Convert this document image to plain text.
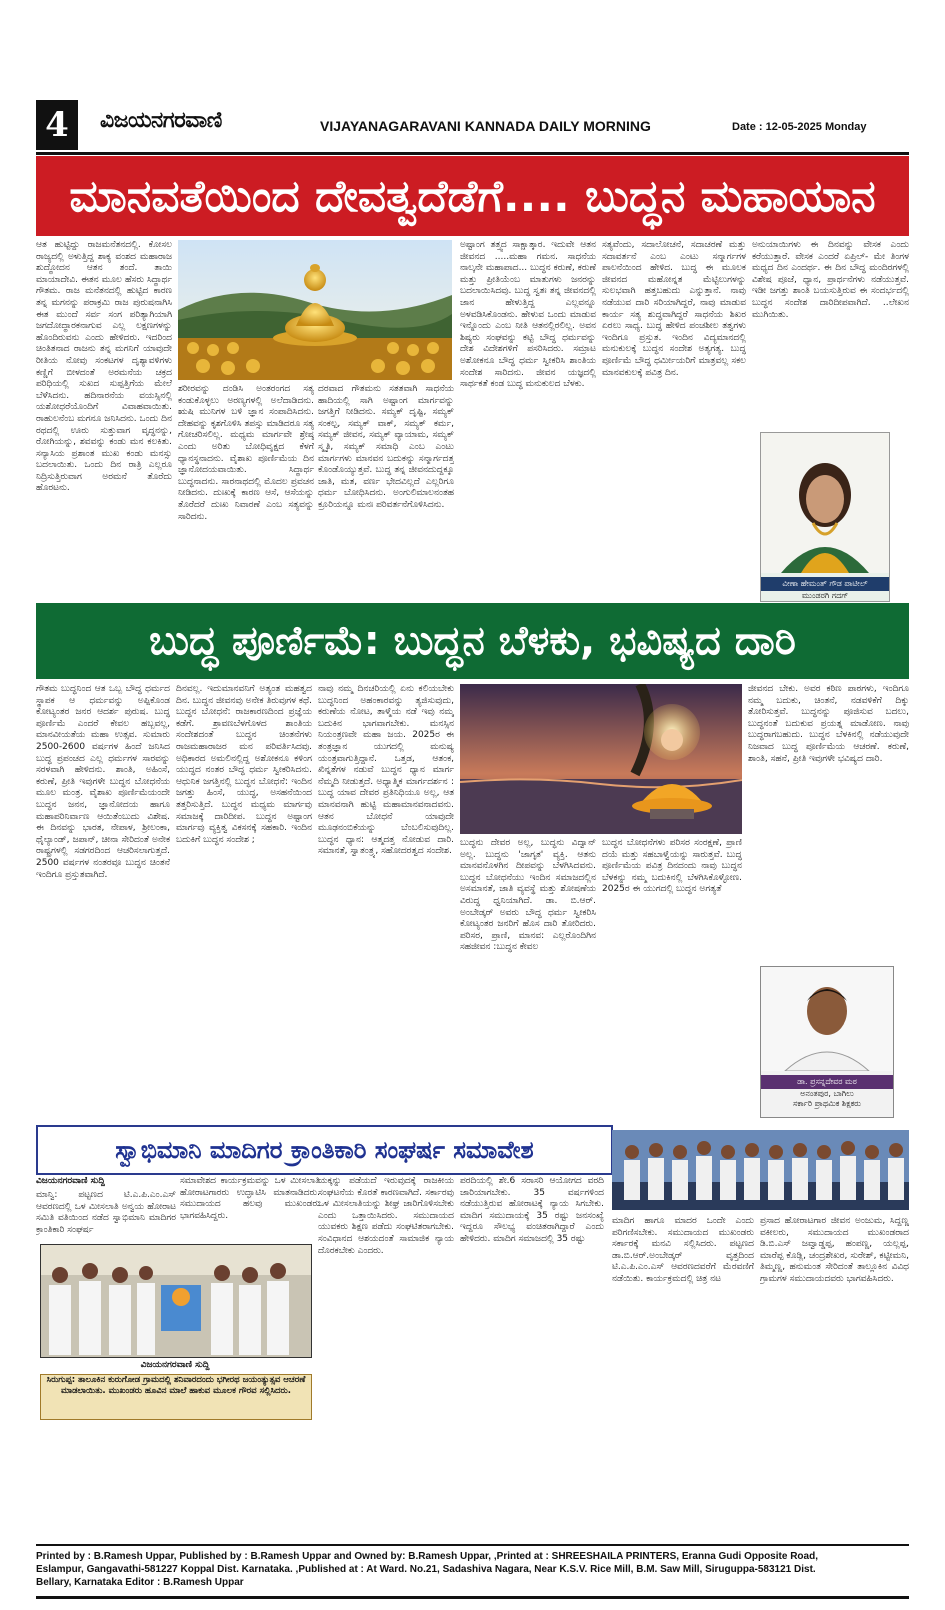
4	ವಿಜಯನಗರವಾಣಿ	VIJAYANAGARAVANI KANNADA DAILY MORNING	Date : 12-05-2025 Monday
ಮಾನವತೆಯಿಂದ ದೇವತ್ವದೆಡೆಗೆ.... ಬುದ್ಧನ ಮಹಾಯಾನ
ಆತ ಹುಟ್ಟಿದ್ದು ರಾಜಮನೆತನದಲ್ಲಿ. ಕೋಸಲ ರಾಜ್ಯದಲ್ಲಿ ಅಳುತ್ತಿದ್ದ ಶಾಕ್ಯ ವಂಶದ ಮಹಾರಾಜ ಶುದ್ಧೋದನ ಆತನ ತಂದೆ. ತಾಯಿ ಮಾಯಾದೇವಿ. ಈತನ ಮೂಲ ಹೆಸರು ಸಿದ್ಧಾರ್ಥ ಗೌತಮ. ರಾಜ ಮನೆತನದಲ್ಲಿ ಹುಟ್ಟಿದ ಕಾರಣ ತನ್ನ ಮಗನನ್ನು ಪರಾಕ್ರಮಿ ರಾಜ ಪುರುಷನಾಗಿಸಿ ಈತ ಮುಂದೆ ಸರ್ವ ಸಂಗ ಪರಿತ್ಯಾಗಿಯಾಗಿ ಜಗದೋದ್ಧಾರಕನಾಗುವ ಎಲ್ಲ ಲಕ್ಷಣಗಳನ್ನು ಹೊಂದಿರುವನು ಎಂದು ಹೇಳಿದರು. ಇದರಿಂದ ಚಿಂತಿತನಾದ ರಾಜನು ತನ್ನ ಮಗನಿಗೆ ಯಾವುದೇ ರೀತಿಯ ನೋವು ಸಂಕಟಗಳ ದೃಶ್ಯಾವಳಿಗಳು ಕಣ್ಣಿಗೆ ಬೀಳದಂತೆ ಅರಮನೆಯ ಚಕ್ರದ ಪರಿಧಿಯಲ್ಲಿ ಸುಖದ ಸುಪ್ಪತ್ತಿಗೆಯ ಮೇಲೆ ಬೆಳೆಸಿದನು. ಹದಿನಾರನೆಯ ವಯಸ್ಸಿನಲ್ಲಿ ಯಶೋಧರೆಯೊಂದಿಗೆ ವಿವಾಹವಾಯಿತು. ರಾಹುಲನೆಂಬ ಮಗನೂ ಜನಿಸಿದನು. ಒಂದು ದಿನ ರಥದಲ್ಲಿ ಊರು ಸುತ್ತುವಾಗ ವೃದ್ಧನನ್ನು, ರೋಗಿಯನ್ನು, ಶವವನ್ನು ಕಂಡು ಮನ ಕಲಕಿತು. ಸನ್ಯಾಸಿಯ ಪ್ರಶಾಂತ ಮುಖ ಕಂಡು ಮನಸ್ಸು ಬದಲಾಯಿತು. ಒಂದು ದಿನ ರಾತ್ರಿ ಎಲ್ಲರೂ ನಿದ್ರಿಸುತ್ತಿರುವಾಗ ಅರಮನೆ ತೊರೆದು ಹೊರಟನು.
ಶರೀರವನ್ನು ದಂಡಿಸಿ ಅಂತರಂಗದ ಸತ್ಯ ಕಂಡುಕೊಳ್ಳಲು ಅರಣ್ಯಗಳಲ್ಲಿ ಅಲೆದಾಡಿದನು. ಋಷಿ ಮುನಿಗಳ ಬಳಿ ಜ್ಞಾನ ಸಂಪಾದಿಸಿದನು. ದೇಹವನ್ನು ಕೃಶಗೊಳಿಸಿ ತಪಸ್ಸು ಮಾಡಿದರೂ ಸತ್ಯ ಗೋಚರಿಸಲಿಲ್ಲ. ಮಧ್ಯಮ ಮಾರ್ಗವೇ ಶ್ರೇಷ್ಠ ಎಂದು ಅರಿತು ಬೋಧಿವೃಕ್ಷದ ಕೆಳಗೆ ಧ್ಯಾನಸ್ಥನಾದನು. ವೈಶಾಖ ಪೂರ್ಣಿಮೆಯ ದಿನ ಜ್ಞಾನೋದಯವಾಯಿತು. ಸಿದ್ಧಾರ್ಥ ಬುದ್ಧನಾದನು. ಸಾರನಾಥದಲ್ಲಿ ಮೊದಲ ಪ್ರವಚನ ನೀಡಿದನು. ದುಃಖಕ್ಕೆ ಕಾರಣ ಆಸೆ, ಆಸೆಯನ್ನು ತೊರೆದರೆ ದುಃಖ ನಿವಾರಣೆ ಎಂಬ ಸತ್ಯವನ್ನು ಸಾರಿದನು.
ದರವಾದ ಗೌತಮನು ಸತತವಾಗಿ ಸಾಧನೆಯ ಹಾದಿಯಲ್ಲಿ ಸಾಗಿ ಅಷ್ಟಾಂಗ ಮಾರ್ಗವನ್ನು ಜಗತ್ತಿಗೆ ನೀಡಿದನು. ಸಮ್ಯಕ್ ದೃಷ್ಟಿ, ಸಮ್ಯಕ್ ಸಂಕಲ್ಪ, ಸಮ್ಯಕ್ ವಾಕ್, ಸಮ್ಯಕ್ ಕರ್ಮ, ಸಮ್ಯಕ್ ಜೀವನ, ಸಮ್ಯಕ್ ವ್ಯಾಯಾಮ, ಸಮ್ಯಕ್ ಸ್ಮೃತಿ, ಸಮ್ಯಕ್ ಸಮಾಧಿ ಎಂಬ ಎಂಟು ಮಾರ್ಗಗಳು ಮಾನವನ ಬದುಕನ್ನು ಸನ್ಮಾರ್ಗದತ್ತ ಕೊಂಡೊಯ್ಯುತ್ತವೆ. ಬುದ್ಧ ತನ್ನ ಜೀವನದುದ್ದಕ್ಕೂ ಜಾತಿ, ಮತ, ವರ್ಣ ಭೇದವಿಲ್ಲದೆ ಎಲ್ಲರಿಗೂ ಧರ್ಮ ಬೋಧಿಸಿದನು. ಅಂಗುಲಿಮಾಲನಂತಹ ಕ್ರೂರಿಯನ್ನೂ ಮನಃ ಪರಿವರ್ತನೆಗೊಳಿಸಿದನು.
ಅಷ್ಟಾಂಗ ತತ್ತ್ವದ ಸಾಕ್ಷಾತ್ಕಾರ. ಇದುವೇ ಆತನ ಜೀವನದ .....ಮಹಾ ಗಮನ. ಸಾಧನೆಯ ನಾಲ್ಕನೇ ಮಹಾಪಾದ... ಬುದ್ಧನ ಕರುಣೆ, ಕರುಣೆ ಮತ್ತು ಪ್ರೀತಿಯೆಂಬ ಮಾತುಗಳು ಜನರನ್ನು ಬದಲಾಯಿಸಿದವು. ಬುದ್ಧ ಸ್ವತಃ ತನ್ನ ಜೀವನದಲ್ಲಿ ಜಾನ ಹೇಳುತ್ತಿದ್ದ ಎಲ್ಲವನ್ನೂ ಅಳವಡಿಸಿಕೊಂಡನು. ಹೇಳುವ ಒಂದು ಮಾಡುವ ಇನ್ನೊಂದು ಎಂಬ ನೀತಿ ಆತನಲ್ಲಿರಲಿಲ್ಲ. ಅವನ ಶಿಷ್ಯರು ಸಂಘವನ್ನು ಕಟ್ಟಿ ಬೌದ್ಧ ಧರ್ಮವನ್ನು ದೇಶ ವಿದೇಶಗಳಿಗೆ ಪಸರಿಸಿದರು. ಸಮ್ರಾಟ ಅಶೋಕನೂ ಬೌದ್ಧ ಧರ್ಮ ಸ್ವೀಕರಿಸಿ ಶಾಂತಿಯ ಸಂದೇಶ ಸಾರಿದನು. ಜೀವನ ಯಜ್ಞದಲ್ಲಿ ಸಾರ್ಥಕತೆ ಕಂಡ ಬುದ್ಧ ಮನುಕುಲದ ಬೆಳಕು.
ಸತ್ಯವೆಂದು, ಸದಾಲೋಚನೆ, ಸದಾಚರಣೆ ಮತ್ತು ಸದಾವರ್ತನೆ ಎಂಬ ಎಂಟು ಸನ್ಮಾರ್ಗಗಳ ಪಾಲನೆಯಿಂದ ಹೇಳಿದ. ಬುದ್ಧ ಈ ಮೂಲಕ ಜೀವನದ ಮಹೋನ್ನತ ಮೆಟ್ಟಿಲುಗಳನ್ನು ಸುಲಭವಾಗಿ ಹತ್ತಬಹುದು ಎನ್ನುತ್ತಾನೆ. ನಾವು ನಡೆಯುವ ದಾರಿ ಸರಿಯಾಗಿದ್ದರೆ, ನಾವು ಮಾಡುವ ಕಾರ್ಯ ಸತ್ಯ ಶುದ್ಧವಾಗಿದ್ದರೆ ಸಾಧನೆಯ ಶಿಖರ ಏರಲು ಸಾಧ್ಯ. ಬುದ್ಧ ಹೇಳಿದ ಪಂಚಶೀಲ ತತ್ವಗಳು ಇಂದಿಗೂ ಪ್ರಸ್ತುತ. ಇಂದಿನ ವಿದ್ಯಮಾನದಲ್ಲಿ ಮನುಕುಲಕ್ಕೆ ಬುದ್ಧನ ಸಂದೇಶ ಅತ್ಯಗತ್ಯ. ಬುದ್ಧ ಪೂರ್ಣಿಮೆ ಬೌದ್ಧ ಧರ್ಮೀಯರಿಗೆ ಮಾತ್ರವಲ್ಲ ಸಕಲ ಮಾನವಕುಲಕ್ಕೆ ಪವಿತ್ರ ದಿನ.
ಅನುಯಾಯಿಗಳು ಈ ದಿನವನ್ನು ವೇಸಕ ಎಂದು ಕರೆಯುತ್ತಾರೆ. ವೇಸಕ ಎಂದರೆ ಏಪ್ರಿಲ್- ಮೇ ತಿಂಗಳ ಮಧ್ಯದ ದಿನ ಎಂದರ್ಥ. ಈ ದಿನ ಬೌದ್ಧ ಮಂದಿರಗಳಲ್ಲಿ ವಿಶೇಷ ಪೂಜೆ, ಧ್ಯಾನ, ಪ್ರಾರ್ಥನೆಗಳು ನಡೆಯುತ್ತವೆ. ಇಡೀ ಜಗತ್ತು ಶಾಂತಿ ಬಯಸುತ್ತಿರುವ ಈ ಸಂದರ್ಭದಲ್ಲಿ ಬುದ್ಧನ ಸಂದೇಶ ದಾರಿದೀಪವಾಗಿದೆ. ..ಲೇಖನ ಮುಗಿಯಿತು.
ವೀಣಾ ಹೇಮಂತ್ ಗೌಡ ಪಾಟೀಲ್
ಮುಂಡರಗಿ ಗದಗ್
ಬುದ್ಧ ಪೂರ್ಣಿಮೆ: ಬುದ್ಧನ ಬೆಳಕು, ಭವಿಷ್ಯದ ದಾರಿ
ಗೌತಮ ಬುದ್ಧನಿಂದ ಆತ ಒಬ್ಬ ಬೌದ್ಧ ಧರ್ಮದ ಸ್ಥಾಪಕ ಆ ಧರ್ಮವನ್ನು ಅಪ್ಪಿಕೊಂಡ ಕೋಟ್ಯಂತರ ಜನರ ಆದರ್ಶ ಪುರುಷ. ಬುದ್ಧ ಪೂರ್ಣಿಮೆ ಎಂದರೆ ಕೇವಲ ಹಬ್ಬವಲ್ಲ, ಮಾನವೀಯತೆಯ ಮಹಾ ಉತ್ಸವ. ಸುಮಾರು 2500-2600 ವರ್ಷಗಳ ಹಿಂದೆ ಜನಿಸಿದ ಬುದ್ಧ ಪ್ರಪಂಚದ ಎಲ್ಲ ಧರ್ಮಗಳ ಸಾರವನ್ನು ಸರಳವಾಗಿ ಹೇಳಿದನು. ಶಾಂತಿ, ಅಹಿಂಸೆ, ಕರುಣೆ, ಪ್ರೀತಿ ಇವುಗಳೇ ಬುದ್ಧನ ಬೋಧನೆಯ ಮೂಲ ಮಂತ್ರ. ವೈಶಾಖ ಪೂರ್ಣಿಮೆಯಂದೇ ಬುದ್ಧನ ಜನನ, ಜ್ಞಾನೋದಯ ಹಾಗೂ ಮಹಾಪರಿನಿರ್ವಾಣ ಆಯಿತೆಂಬುದು ವಿಶೇಷ. ಈ ದಿನವನ್ನು ಭಾರತ, ನೇಪಾಳ, ಶ್ರೀಲಂಕಾ, ಥೈಲ್ಯಾಂಡ್, ಜಪಾನ್, ಚೀನಾ ಸೇರಿದಂತೆ ಅನೇಕ ರಾಷ್ಟ್ರಗಳಲ್ಲಿ ಸಡಗರದಿಂದ ಆಚರಿಸಲಾಗುತ್ತದೆ. 2500 ವರ್ಷಗಳ ನಂತರವೂ ಬುದ್ಧನ ಚಿಂತನೆ ಇಂದಿಗೂ ಪ್ರಸ್ತುತವಾಗಿದೆ.
ದಿನವಲ್ಲ. ಇದುಮಾನವನಿಗೆ ಅತ್ಯಂತ ಮಹತ್ವದ ದಿನ. ಬುದ್ಧನ ಜೀವನವು ಅನೇಕ ತಿರುವುಗಳ ಕಥೆ. ಬುದ್ಧನ ಬೋಧನೆ: ರಾಜಕಾರಣದಿಂದ ಪ್ರಜ್ಞೆಯ ಕಡೆಗೆ. ಶ್ರಾವಣಬೆಳಗೊಳದ ಶಾಂತಿಯ ಸಂದೇಶದಂತೆ ಬುದ್ಧನ ಚಿಂತನೆಗಳು ರಾಜಮಹಾರಾಜರ ಮನ ಪರಿವರ್ತಿಸಿದವು. ಅಧಿಕಾರದ ಅಮಲಿನಲ್ಲಿದ್ದ ಅಶೋಕನೂ ಕಳಿಂಗ ಯುದ್ಧದ ನಂತರ ಬೌದ್ಧ ಧರ್ಮ ಸ್ವೀಕರಿಸಿದನು. ಆಧುನಿಕ ಜಗತ್ತಿನಲ್ಲಿ ಬುದ್ಧನ ಬೋಧನೆ: ಇಂದಿನ ಜಗತ್ತು ಹಿಂಸೆ, ಯುದ್ಧ, ಅಸಹನೆಯಿಂದ ತತ್ತರಿಸುತ್ತಿದೆ. ಬುದ್ಧನ ಮಧ್ಯಮ ಮಾರ್ಗವು ಸಮಾಜಕ್ಕೆ ದಾರಿದೀಪ. ಬುದ್ಧನ ಅಷ್ಟಾಂಗ ಮಾರ್ಗವು ವ್ಯಕ್ತಿತ್ವ ವಿಕಸನಕ್ಕೆ ಸಹಕಾರಿ. ಇಂದಿನ ಬದುಕಿಗೆ ಬುದ್ಧನ ಸಂದೇಶ ;
ನಾವು ನಮ್ಮ ದಿನಚರಿಯಲ್ಲಿ ಏನು ಕಲಿಯಬೇಕು ಬುದ್ಧನಿಂದ ಅಹಂಕಾರವನ್ನು ತ್ಯಜಿಸುವುದು, ಕರುಣೆಯ ನೋಟ, ತಾಳ್ಮೆಯ ನಡೆ ಇವು ನಮ್ಮ ಬದುಕಿನ ಭಾಗವಾಗಬೇಕು. ಮನಸ್ಸಿನ ನಿಯಂತ್ರಣವೇ ಮಹಾ ಜಯ. 2025ರ ಈ ತಂತ್ರಜ್ಞಾನ ಯುಗದಲ್ಲಿ ಮನುಷ್ಯ ಯಂತ್ರವಾಗುತ್ತಿದ್ದಾನೆ. ಒತ್ತಡ, ಆತಂಕ, ಖಿನ್ನತೆಗಳ ನಡುವೆ ಬುದ್ಧನ ಧ್ಯಾನ ಮಾರ್ಗ ನೆಮ್ಮದಿ ನೀಡುತ್ತದೆ. ಅಧ್ಯಾತ್ಮಿಕ ಮಾರ್ಗದರ್ಶನ : ಬುದ್ಧ ಯಾವ ದೇವರ ಪ್ರತಿನಿಧಿಯೂ ಅಲ್ಲ, ಆತ ಮಾನವನಾಗಿ ಹುಟ್ಟಿ ಮಹಾಮಾನವನಾದವನು. ಆತನ ಬೋಧನೆ ಯಾವುದೇ ಮೂಢನಂಬಿಕೆಯನ್ನು ಬೆಂಬಲಿಸುವುದಿಲ್ಲ. ಬುದ್ಧನ ಧ್ಯಾನ: ಆತ್ಮದತ್ತ ನೋಡುವ ದಾರಿ. ಸಮಾನತೆ, ಸ್ವಾತಂತ್ರ್ಯ, ಸಹೋದರತ್ವದ ಸಂದೇಶ.
ಬುದ್ಧನು ದೇವರ ಅಲ್ಲ, ಬುದ್ಧನು ವಿದ್ವಾನ್ ಅಲ್ಲ. ಬುದ್ಧನು 'ಜಾಗೃತ' ವ್ಯಕ್ತಿ. ಆತನು ಮಾನವನೊಳಗಿನ ದೀಪವನ್ನು ಬೆಳಗಿಸಿದವನು. ಬುದ್ಧನ ಬೋಧನೆಯು ಇಂದಿನ ಸಮಾಜದಲ್ಲಿನ ಅಸಮಾನತೆ, ಜಾತಿ ವ್ಯವಸ್ಥೆ ಮತ್ತು ಶೋಷಣೆಯ ವಿರುದ್ಧ ಧ್ವನಿಯಾಗಿದೆ. ಡಾ. ಬಿ.ಆರ್. ಅಂಬೇಡ್ಕರ್ ಅವರು ಬೌದ್ಧ ಧರ್ಮ ಸ್ವೀಕರಿಸಿ ಕೋಟ್ಯಂತರ ಜನರಿಗೆ ಹೊಸ ದಾರಿ ತೋರಿದರು. ಪರಿಸರ, ಪ್ರಾಣಿ, ಮಾನವ: ಎಲ್ಲರೊಂದಿಗಿನ ಸಹಜೀವನ :ಬುದ್ಧನ ಕೇವಲ
ಜೀವನದ ಬೇಕು. ಅವರ ಕಠಿಣ ಪಾಠಗಳು, ಇಂದಿಗೂ ನಮ್ಮ ಬದುಕು, ಚಿಂತನೆ, ನಡವಳಿಕೆಗೆ ದಿಕ್ಕು ತೋರಿಸುತ್ತವೆ. ಬುದ್ಧನನ್ನು ಪೂಜಿಸುವ ಬದಲು, ಬುದ್ಧನಂತೆ ಬದುಕುವ ಪ್ರಯತ್ನ ಮಾಡೋಣ. ನಾವು ಬುದ್ಧರಾಗಬಹುದು. ಬುದ್ಧನ ಬೆಳಕಿನಲ್ಲಿ ನಡೆಯುವುದೇ ನಿಜವಾದ ಬುದ್ಧ ಪೂರ್ಣಿಮೆಯ ಆಚರಣೆ. ಕರುಣೆ, ಶಾಂತಿ, ಸಹನೆ, ಪ್ರೀತಿ ಇವುಗಳೇ ಭವಿಷ್ಯದ ದಾರಿ.
ಬುದ್ಧನ ಬೋಧನೆಗಳು ಪರಿಸರ ಸಂರಕ್ಷಣೆ, ಪ್ರಾಣಿ ದಯೆ ಮತ್ತು ಸಹಬಾಳ್ವೆಯನ್ನು ಸಾರುತ್ತವೆ. ಬುದ್ಧ ಪೂರ್ಣಿಮೆಯ ಪವಿತ್ರ ದಿನದಂದು ನಾವು ಬುದ್ಧನ ಬೆಳಕನ್ನು ನಮ್ಮ ಬದುಕಿನಲ್ಲಿ ಬೆಳಗಿಸಿಕೊಳ್ಳೋಣ. 2025ರ ಈ ಯುಗದಲ್ಲಿ ಬುದ್ಧನ ಅಗತ್ಯತೆ
ಡಾ. ಪ್ರಸನ್ನದೇವರ ಮಠ
ಅನಂತಪುರ, ಬಾಗಿಲು
ಸರ್ಕಾರಿ ಪ್ರಾಥಮಿಕ ಶಿಕ್ಷಕರು
ಸ್ವಾಭಿಮಾನಿ ಮಾದಿಗರ ಕ್ರಾಂತಿಕಾರಿ ಸಂಘರ್ಷ ಸಮಾವೇಶ
ವಿಜಯನಗರವಾಣಿ ಸುದ್ದಿ
ಮಾನ್ವಿ: ಪಟ್ಟಣದ ಟಿ.ಎ.ಪಿ.ಎಂ.ಎಸ್ ಆವರಣದಲ್ಲಿ ಒಳ ಮೀಸಲಾತಿ ಅನ್ವಯ ಹೋರಾಟ ಸಮಿತಿ ವತಿಯಿಂದ ನಡೆದ ಸ್ವಾಭಿಮಾನಿ ಮಾದಿಗರ ಕ್ರಾಂತಿಕಾರಿ ಸಂಘರ್ಷ
ಸಮಾವೇಶದ ಕಾರ್ಯಕ್ರಮವನ್ನು ಒಳ ಮೀಸಲಾತಿ ಹೋರಾಟಗಾರರು ಉದ್ಘಾಟಿಸಿ ಮಾತನಾಡಿದರು. ಸಮುದಾಯದ ಹಲವು ಮುಖಂಡರು ಭಾಗವಹಿಸಿದ್ದರು.
ವಿಜಯನಗರವಾಣಿ ಸುದ್ದಿ
ಸಿರುಗುಪ್ಪ: ತಾಲೂಕಿನ ಕುರುಗೋಡ ಗ್ರಾಮದಲ್ಲಿ ಶನಿವಾರದಂದು ಭಗೀರಥ ಜಯಂತ್ಯುತ್ಸವ ಆಚರಣೆ ಮಾಡಲಾಯಿತು. ಮುಖಂಡರು ಹೂವಿನ ಮಾಲೆ ಹಾಕುವ ಮೂಲಕ ಗೌರವ ಸಲ್ಲಿಸಿದರು.
ಯಕ್ಕನ್ನು ಪಡೆಯದೆ ಇರುವುದಕ್ಕೆ ರಾಜಕೀಯ ಸಂಘಟನೆಯ ಕೊರತೆ ಕಾರಣವಾಗಿದೆ. ಸರ್ಕಾರವು ಒಳ ಮೀಸಲಾತಿಯನ್ನು ಶೀಘ್ರ ಜಾರಿಗೊಳಿಸಬೇಕು ಎಂದು ಒತ್ತಾಯಿಸಿದರು. ಸಮುದಾಯದ ಯುವಕರು ಶಿಕ್ಷಣ ಪಡೆದು ಸಂಘಟಿತರಾಗಬೇಕು. ಸಂವಿಧಾನದ ಆಶಯದಂತೆ ಸಾಮಾಜಿಕ ನ್ಯಾಯ ದೊರಕಬೇಕು ಎಂದರು.
ಪರದಿಯಲ್ಲಿ ಶೇ.6 ಸರಾಸರಿ ಆಯೋಗದ ವರದಿ ಜಾರಿಯಾಗಬೇಕು. 35 ವರ್ಷಗಳಿಂದ ನಡೆಯುತ್ತಿರುವ ಹೋರಾಟಕ್ಕೆ ನ್ಯಾಯ ಸಿಗಬೇಕು. ಮಾದಿಗ ಸಮುದಾಯಕ್ಕೆ 35 ರಷ್ಟು ಜನಸಂಖ್ಯೆ ಇದ್ದರೂ ಸೌಲಭ್ಯ ವಂಚಿತರಾಗಿದ್ದಾರೆ ಎಂದು ಹೇಳಿದರು. ಮಾದಿಗ ಸಮಾಜದಲ್ಲಿ 35 ರಷ್ಟು
ಮಾದಿಗ ಹಾಗೂ ಮಾದರ ಒಂದೇ ಎಂದು ಪರಿಗಣಿಸಬೇಕು. ಸಮುದಾಯದ ಮುಖಂಡರು ಸರ್ಕಾರಕ್ಕೆ ಮನವಿ ಸಲ್ಲಿಸಿದರು. ಪಟ್ಟಣದ ಡಾ.ಬಿ.ಆರ್.ಅಂಬೇಡ್ಕರ್ ವೃತ್ತದಿಂದ ಟಿ.ಎ.ಪಿ.ಎಂ.ಎಸ್ ಆವರಣದವರೆಗೆ ಮೆರವಣಿಗೆ ನಡೆಯಿತು. ಕಾರ್ಯಕ್ರಮದಲ್ಲಿ ಚಿತ್ರ ನಟ
ಪ್ರಸಾದ ಹೋರಾಟಗಾರ ಜೀವನ ಅಂಜುಮ, ಸಿದ್ದಣ್ಣ ವಕೀಲರು, ಸಮುದಾಯದ ಮುಖಂಡರಾದ ಡಿ.ಬಿ.ಎಸ್ ಜವ್ವಾಡ್ಡಪ್ಪ, ಹಂಪಣ್ಣ, ಯಲ್ಲಪ್ಪ, ಮಾರೆಪ್ಪ ಕೊಡ್ಲಿ, ಚಂದ್ರಶೇಖರ, ಸುರೇಶ್, ಕಟ್ಟೀಮನಿ, ತಿಮ್ಮಣ್ಣ, ಹನುಮಂತ ಸೇರಿದಂತೆ ತಾಲ್ಲೂಕಿನ ವಿವಿಧ ಗ್ರಾಮಗಳ ಸಮುದಾಯದವರು ಭಾಗವಹಿಸಿದರು.
Printed by : B.Ramesh Uppar, Published by : B.Ramesh Uppar and Owned by: B.Ramesh Uppar, ,Printed at : SHREESHAILA PRINTERS, Eranna Gudi Opposite Road,
Eslampur, Gangavathi-581227 Koppal Dist. Karnataka. ,Published at : At Ward. No.21, Sadashiva Nagara, Near K.S.V. Rice Mill, B.M. Saw Mill, Siruguppa-583121 Dist.
Bellary, Karnataka Editor : B.Ramesh Uppar
